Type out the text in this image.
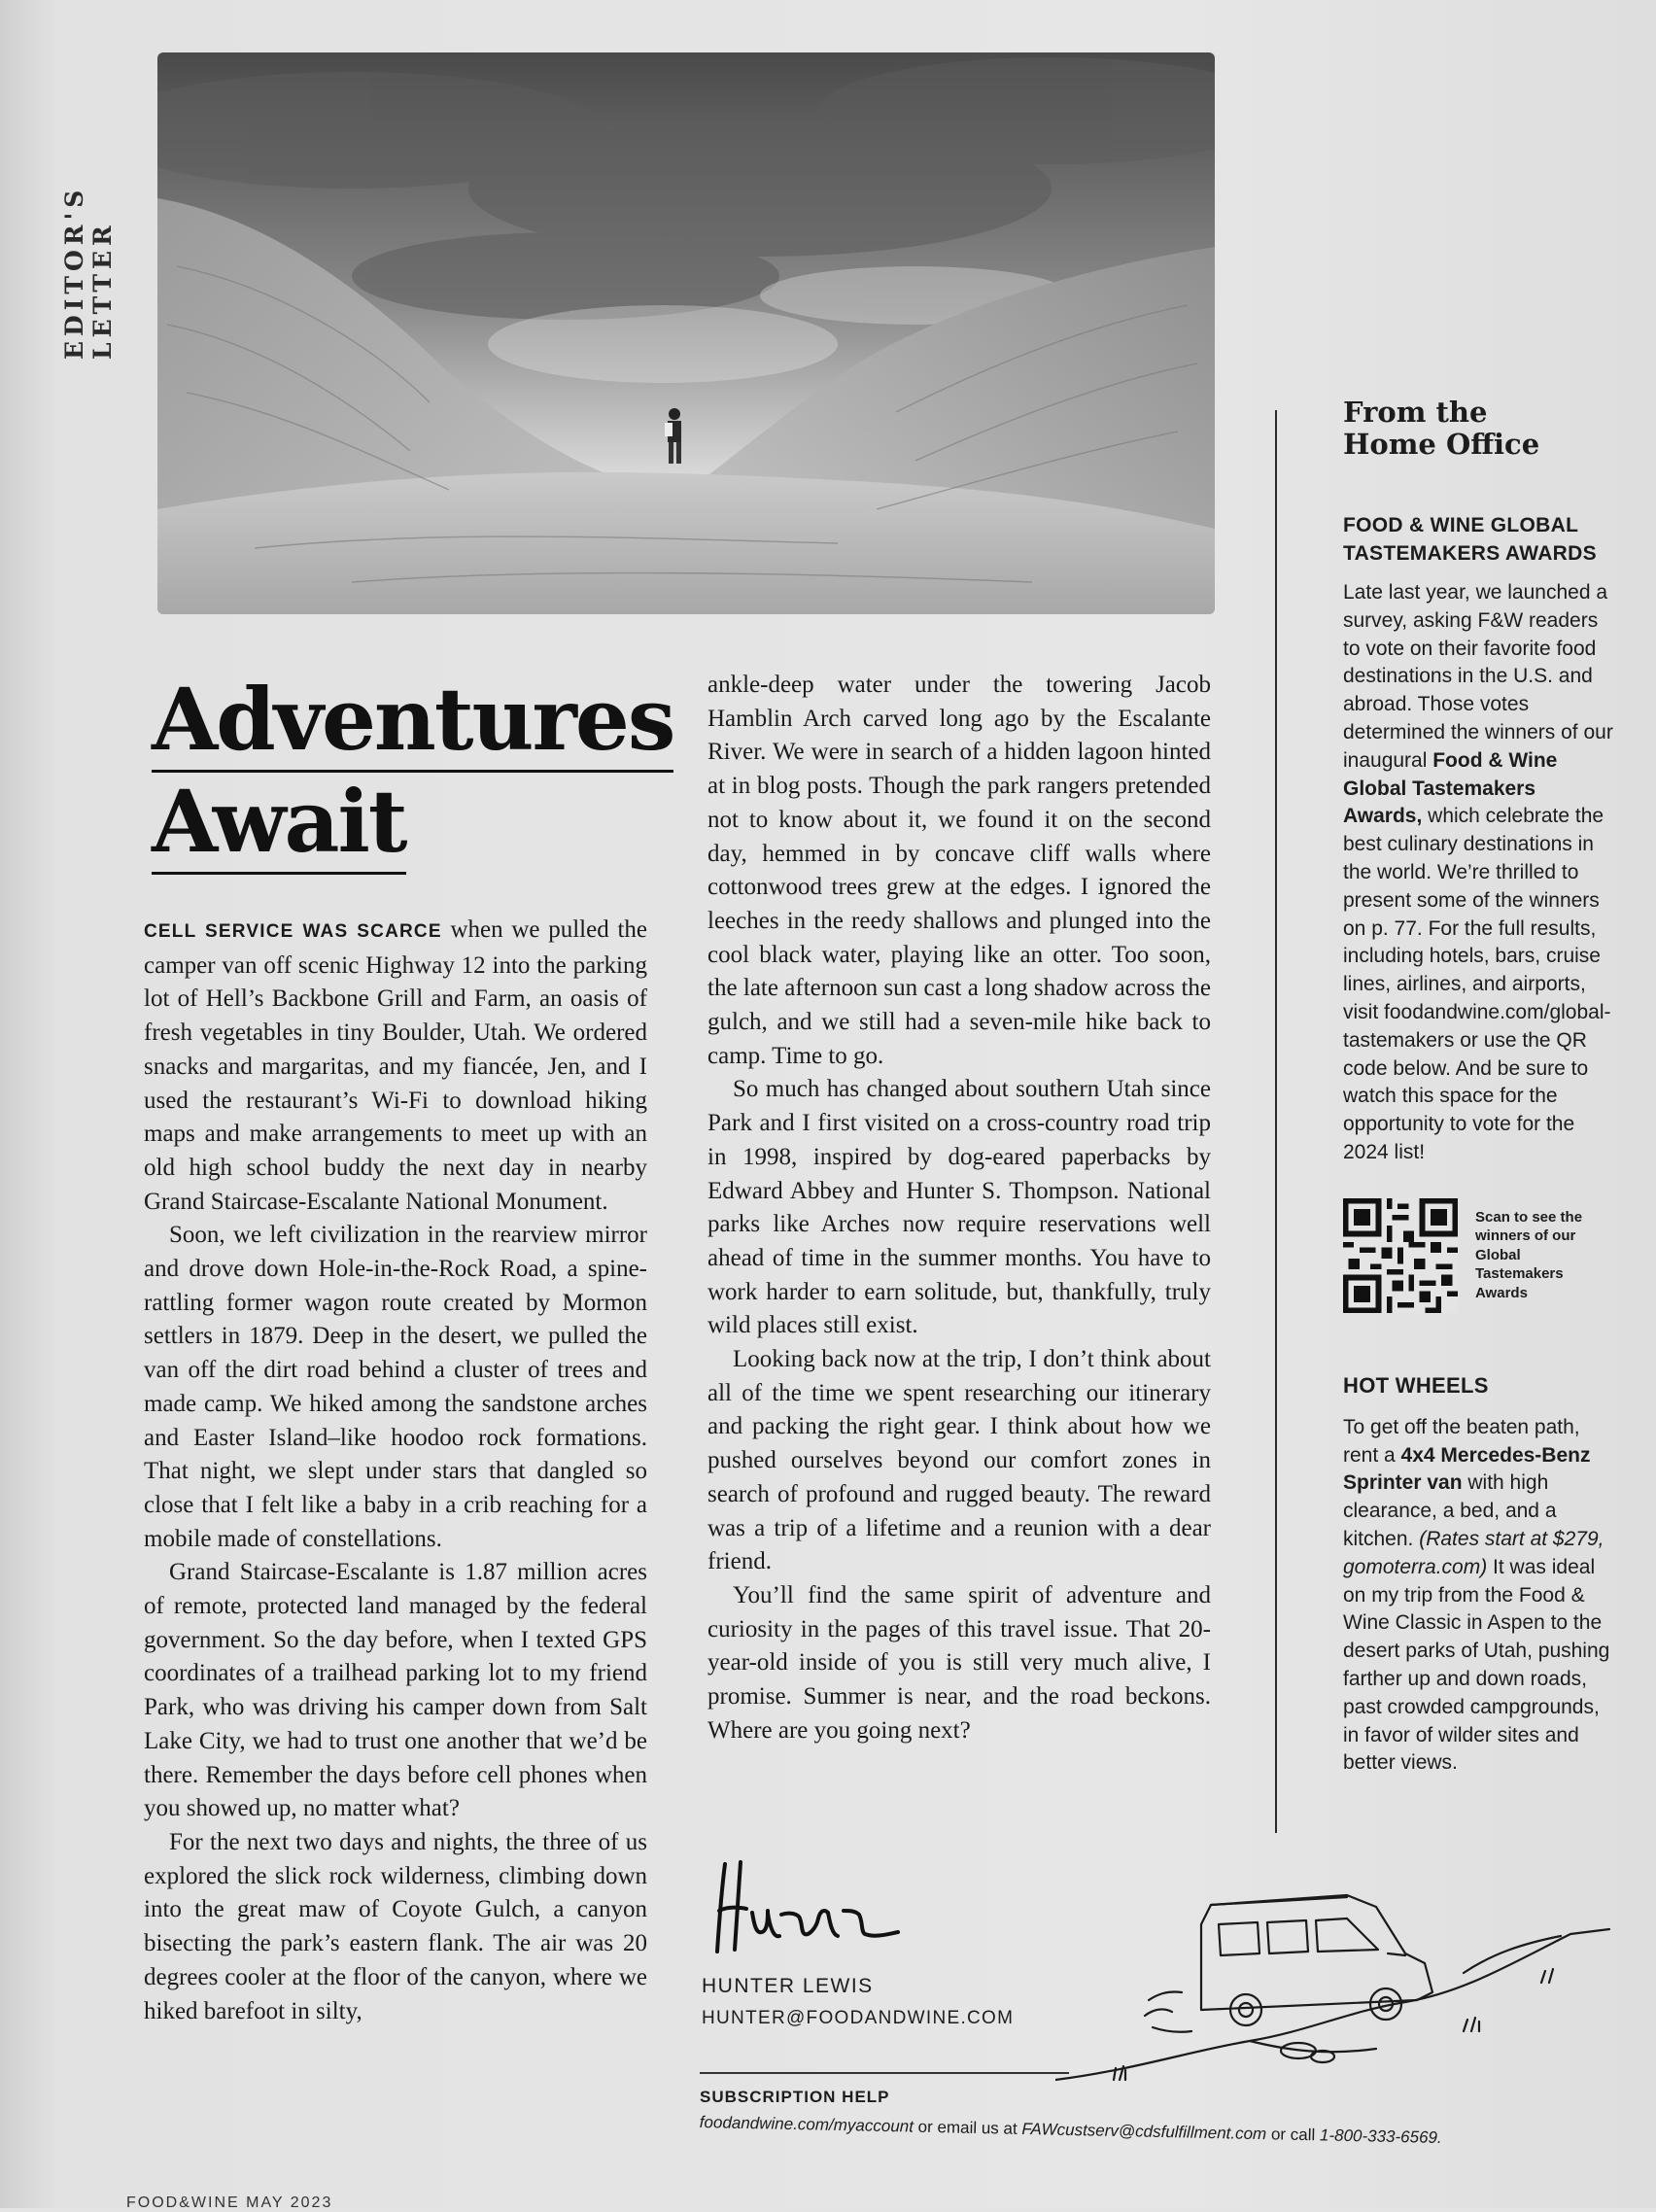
EDITOR'S LETTER
Adventures
Await

CELL SERVICE WAS SCARCE when we pulled the camper van off scenic Highway 12 into the parking lot of Hell’s Backbone Grill and Farm, an oasis of fresh vegetables in tiny Boulder, Utah. We ordered snacks and margaritas, and my fiancée, Jen, and I used the restaurant’s Wi-Fi to download hiking maps and make arrangements to meet up with an old high school buddy the next day in nearby Grand Staircase-Escalante National Monument.

Soon, we left civilization in the rearview mirror and drove down Hole-in-the-Rock Road, a spine-rattling former wagon route created by Mormon settlers in 1879. Deep in the desert, we pulled the van off the dirt road behind a cluster of trees and made camp. We hiked among the sandstone arches and Easter Island–like hoodoo rock formations. That night, we slept under stars that dangled so close that I felt like a baby in a crib reaching for a mobile made of constellations.

Grand Staircase-Escalante is 1.87 million acres of remote, protected land managed by the federal government. So the day before, when I texted GPS coordinates of a trailhead parking lot to my friend Park, who was driving his camper down from Salt Lake City, we had to trust one another that we’d be there. Remember the days before cell phones when you showed up, no matter what?

For the next two days and nights, the three of us explored the slick rock wilderness, climbing down into the great maw of Coyote Gulch, a canyon bisecting the park’s eastern flank. The air was 20 degrees cooler at the floor of the canyon, where we hiked barefoot in silty,

ankle-deep water under the towering Jacob Hamblin Arch carved long ago by the Escalante River. We were in search of a hidden lagoon hinted at in blog posts. Though the park rangers pretended not to know about it, we found it on the second day, hemmed in by concave cliff walls where cottonwood trees grew at the edges. I ignored the leeches in the reedy shallows and plunged into the cool black water, playing like an otter. Too soon, the late afternoon sun cast a long shadow across the gulch, and we still had a seven-mile hike back to camp. Time to go.

So much has changed about southern Utah since Park and I first visited on a cross-country road trip in 1998, inspired by dog-eared paperbacks by Edward Abbey and Hunter S. Thompson. National parks like Arches now require reservations well ahead of time in the summer months. You have to work harder to earn solitude, but, thankfully, truly wild places still exist.

Looking back now at the trip, I don’t think about all of the time we spent researching our itinerary and packing the right gear. I think about how we pushed ourselves beyond our comfort zones in search of profound and rugged beauty. The reward was a trip of a lifetime and a reunion with a dear friend.

You’ll find the same spirit of adventure and curiosity in the pages of this travel issue. That 20-year-old inside of you is still very much alive, I promise. Summer is near, and the road beckons. Where are you going next?

HUNTER LEWIS
HUNTER@FOODANDWINE.COM
SUBSCRIPTION HELP
foodandwine.com/myaccount or email us at FAWcustserv@cdsfulfillment.com or call 1-800-333-6569.
From the
Home Office
FOOD & WINE GLOBAL
TASTEMAKERS AWARDS

Late last year, we launched a survey, asking F&W readers to vote on their favorite food destinations in the U.S. and abroad. Those votes determined the winners of our inaugural Food & Wine Global Tastemakers Awards, which celebrate the best culinary destinations in the world. We’re thrilled to present some of the winners on p. 77. For the full results, including hotels, bars, cruise lines, airlines, and airports, visit foodandwine.com/global-tastemakers or use the QR code below. And be sure to watch this space for the opportunity to vote for the 2024 list!

Scan to see the winners of our Global Tastemakers Awards
HOT WHEELS

To get off the beaten path, rent a 4x4 Mercedes-Benz Sprinter van with high clearance, a bed, and a kitchen. (Rates start at $279, gomoterra.com) It was ideal on my trip from the Food & Wine Classic in Aspen to the desert parks of Utah, pushing farther up and down roads, past crowded campgrounds, in favor of wilder sites and better views.

FOOD&WINE MAY 2023
